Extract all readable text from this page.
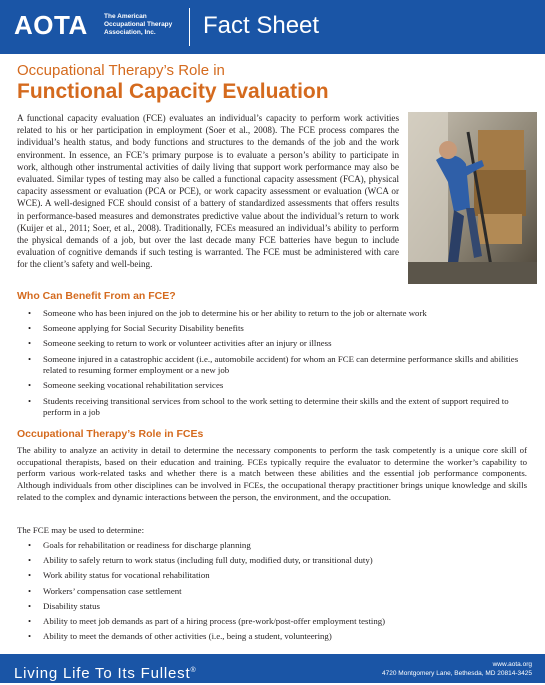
AOTA	The American
Occupational Therapy
Association, Inc.	Fact Sheet
Occupational Therapy’s Role in
Functional Capacity Evaluation
A functional capacity evaluation (FCE) evaluates an individual’s capacity to perform work activities related to his or her participation in employment (Soer et al., 2008). The FCE process compares the individual’s health status, and body functions and structures to the demands of the job and the work environment. In essence, an FCE’s primary purpose is to evaluate a person’s ability to participate in work, although other instrumental activities of daily living that support work performance may also be evaluated. Similar types of testing may also be called a functional capacity assessment (FCA), physical capacity assessment or evaluation (PCA or PCE), or work capacity assessment or evaluation (WCA or WCE). A well-designed FCE should consist of a battery of standardized assessments that offers results in performance-based measures and demonstrates predictive value about the individual’s return to work (Kuijer et al., 2011; Soer, et al., 2008). Traditionally, FCEs measured an individual’s ability to perform the physical demands of a job, but over the last decade many FCE batteries have begun to include evaluation of cognitive demands if such testing is warranted. The FCE must be administered with care for the client’s safety and well-being.
Who Can Benefit From an FCE?
• Someone who has been injured on the job to determine his or her ability to return to the job or alternate work
• Someone applying for Social Security Disability benefits
• Someone seeking to return to work or volunteer activities after an injury or illness
• Someone injured in a catastrophic accident (i.e., automobile accident) for whom an FCE can determine performance skills and abilities related to resuming former employment or a new job
• Someone seeking vocational rehabilitation services
• Students receiving transitional services from school to the work setting to determine their skills and the extent of support required to perform in a job
Occupational Therapy’s Role in FCEs
The ability to analyze an activity in detail to determine the necessary components to perform the task competently is a unique core skill of occupational therapists, based on their education and training. FCEs typically require the evaluator to determine the worker’s capability to perform various work-related tasks and whether there is a match between these abilities and the essential job performance components. Although individuals from other disciplines can be involved in FCEs, the occupational therapy practitioner brings unique knowledge and skills related to the complex and dynamic interactions between the person, the environment, and the occupation.
The FCE may be used to determine:
• Goals for rehabilitation or readiness for discharge planning
• Ability to safely return to work status (including full duty, modified duty, or transitional duty)
• Work ability status for vocational rehabilitation
• Workers’ compensation case settlement
• Disability status
• Ability to meet job demands as part of a hiring process (pre-work/post-offer employment testing)
• Ability to meet the demands of other activities (i.e., being a student, volunteering)
Living Life To Its Fullest®
www.aota.org
4720 Montgomery Lane, Bethesda, MD 20814-3425
